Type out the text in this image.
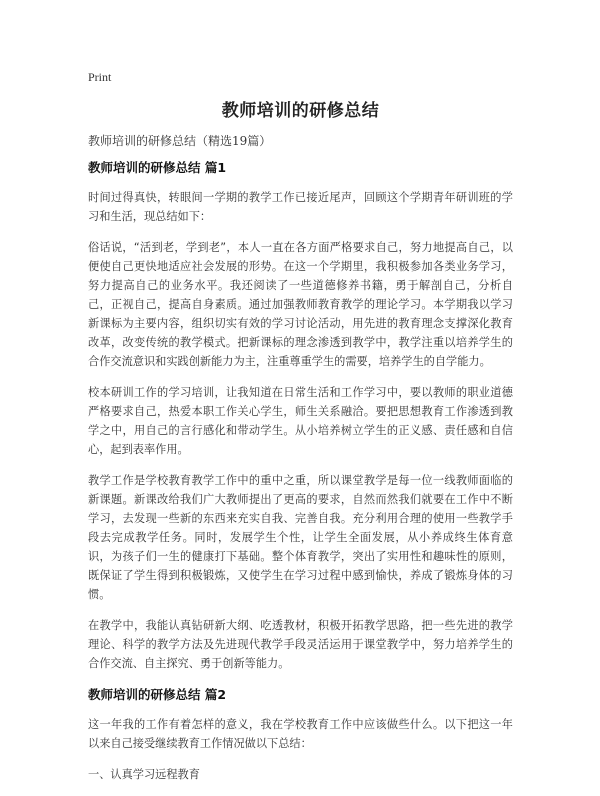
Print
教师培训的研修总结
教师培训的研修总结（精选19篇）
教师培训的研修总结 篇1

时间过得真快，转眼间一学期的教学工作已接近尾声，回顾这个学期青年研训班的学习和生活，现总结如下：

俗话说，“活到老，学到老”，本人一直在各方面严格要求自己，努力地提高自己，以便使自己更快地适应社会发展的形势。在这一个学期里，我积极参加各类业务学习，努力提高自己的业务水平。我还阅读了一些道德修养书籍，勇于解剖自己，分析自己，正视自己，提高自身素质。通过加强教师教育教学的理论学习。本学期我以学习新课标为主要内容，组织切实有效的学习讨论活动，用先进的教育理念支撑深化教育改革，改变传统的教学模式。把新课标的理念渗透到教学中，教学注重以培养学生的合作交流意识和实践创新能力为主，注重尊重学生的需要，培养学生的自学能力。

校本研训工作的学习培训，让我知道在日常生活和工作学习中，要以教师的职业道德严格要求自己，热爱本职工作关心学生，师生关系融洽。要把思想教育工作渗透到教学之中，用自己的言行感化和带动学生。从小培养树立学生的正义感、责任感和自信心，起到表率作用。

教学工作是学校教育教学工作中的重中之重，所以课堂教学是每一位一线教师面临的新课题。新课改给我们广大教师提出了更高的要求，自然而然我们就要在工作中不断学习，去发现一些新的东西来充实自我、完善自我。充分利用合理的使用一些教学手段去完成教学任务。同时，发展学生个性，让学生全面发展，从小养成终生体育意识，为孩子们一生的健康打下基础。整个体育教学，突出了实用性和趣味性的原则，既保证了学生得到积极锻炼，又使学生在学习过程中感到愉快，养成了锻炼身体的习惯。

在教学中，我能认真钻研新大纲、吃透教材，积极开拓教学思路，把一些先进的教学理论、科学的教学方法及先进现代教学手段灵活运用于课堂教学中，努力培养学生的合作交流、自主探究、勇于创新等能力。

教师培训的研修总结 篇2

这一年我的工作有着怎样的意义，我在学校教育工作中应该做些什么。以下把这一年以来自己接受继续教育工作情况做以下总结：

一、认真学习远程教育
